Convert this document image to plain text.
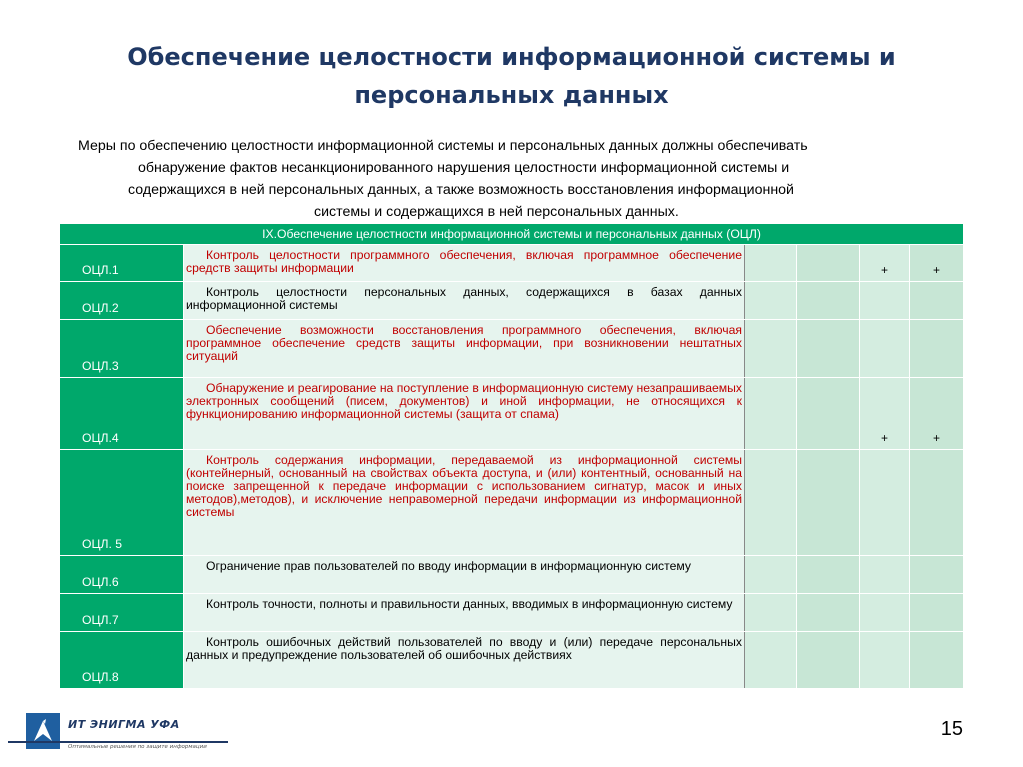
Обеспечение целостности информационной системы и
персональных данных

Меры по обеспечению целостности информационной системы и персональных данных должны обеспечивать

обнаружение фактов несанкционированного нарушения целостности информационной системы и

содержащихся в ней персональных данных, а также возможность восстановления информационной

системы и содержащихся в ней персональных данных.

IX.Обеспечение целостности информационной системы и персональных данных (ОЦЛ)					
ОЦЛ.1	Контроль целостности программного обеспечения, включая программное обеспечение средств защиты информации			+	+
ОЦЛ.2	Контроль целостности персональных данных, содержащихся в базах данных информационной системы				
ОЦЛ.3	Обеспечение возможности восстановления программного обеспечения, включая программное обеспечение средств защиты информации, при возникновении нештатных ситуаций				
ОЦЛ.4	Обнаружение и реагирование на поступление в информационную систему незапрашиваемых электронных сообщений (писем, документов) и иной информации, не относящихся к функционированию информационной системы (защита от спама)			+	+
ОЦЛ. 5	Контроль содержания информации, передаваемой из информационной системы (контейнерный, основанный на свойствах объекта доступа, и (или) контентный, основанный на поиске запрещенной к передаче информации с использованием сигнатур, масок и иных методов),методов), и исключение неправомерной передачи информации из информационной системы				
ОЦЛ.6	Ограничение прав пользователей по вводу информации в информационную систему				
ОЦЛ.7	Контроль точности, полноты и правильности данных, вводимых в информационную систему				
ОЦЛ.8	Контроль ошибочных действий пользователей по вводу и (или) передаче персональных данных и предупреждение пользователей об ошибочных действиях				
ИТ ЭНИГМА УФА
Оптимальные решения по защите информации
15
